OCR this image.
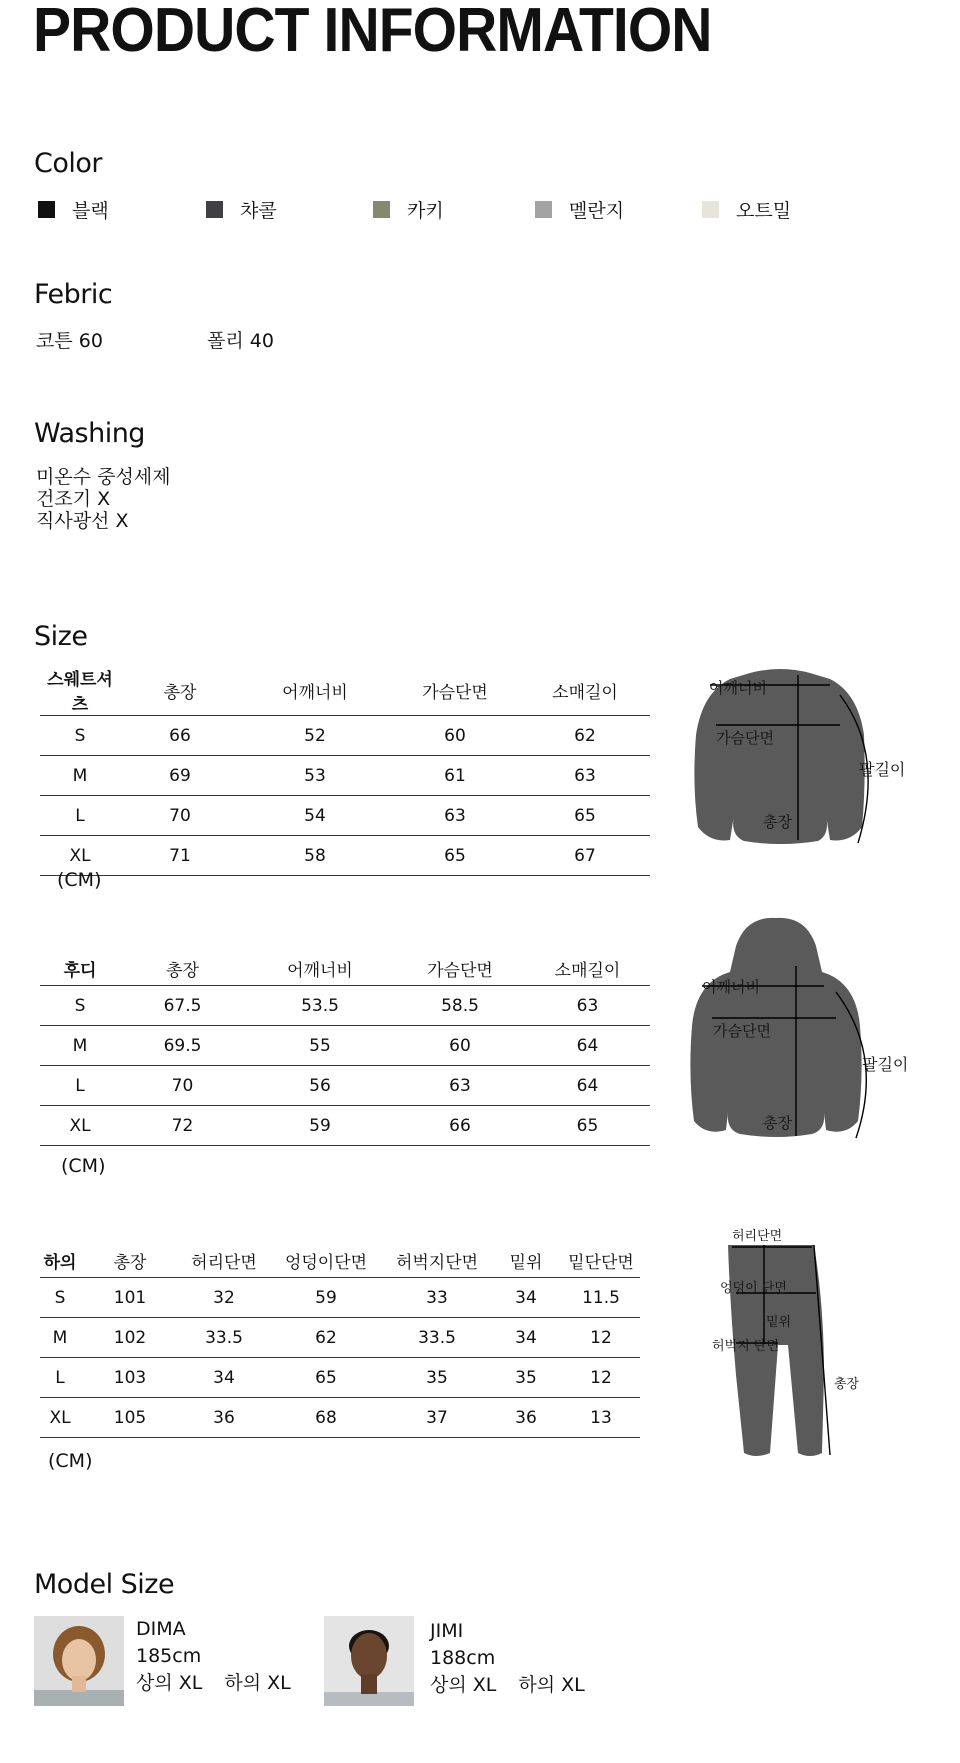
PRODUCT INFORMATION
Color
블랙	챠콜	카키	멜란지	오트밀
Febric
코튼 60	폴리 40
Washing
미온수 중성세제
건조기 X
직사광선 X
Size
스웨트셔츠	총장	어깨너비	가슴단면	소매길이
S	66	52	60	62
M	69	53	61	63
L	70	54	63	65
XL	71	58	65	67
(CM)
어깨너비
가슴단면
총장
팔길이
후디	총장	어깨너비	가슴단면	소매길이
S	67.5	53.5	58.5	63
M	69.5	55	60	64
L	70	56	63	64
XL	72	59	66	65
(CM)
어깨너비
가슴단면
총장
팔길이
하의	총장	허리단면	엉덩이단면	허벅지단면	밑위	밑단단면
S	101	32	59	33	34	11.5
M	102	33.5	62	33.5	34	12
L	103	34	65	35	35	12
XL	105	36	68	37	36	13
(CM)
허리단면
엉덩이 단면
밑위
허벅지 단면
총장
Model Size
DIMA
185cm
상의 XL 하의 XL
JIMI
188cm
상의 XL 하의 XL
